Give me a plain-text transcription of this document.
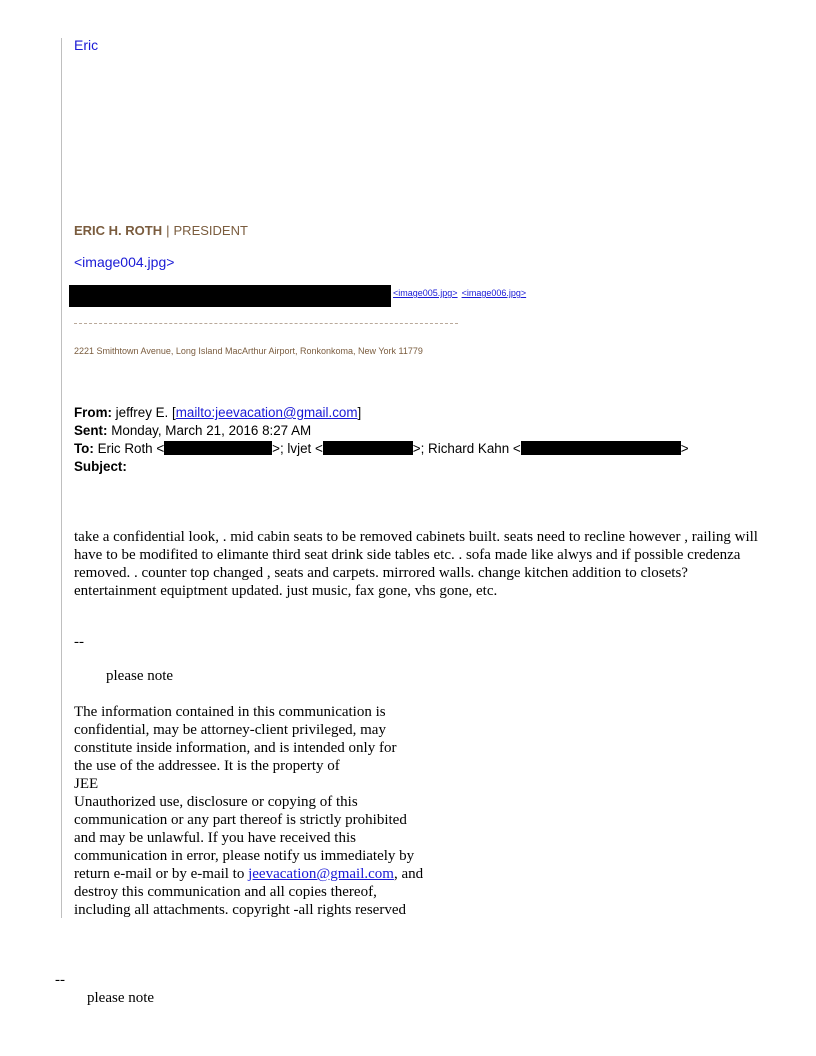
Eric
ERIC H. ROTH | PRESIDENT
<image004.jpg>
<image005.jpg> <image006.jpg>
2221 Smithtown Avenue, Long Island MacArthur Airport, Ronkonkoma, New York 11779
From: jeffrey E. [mailto:jeevacation@gmail.com]
Sent: Monday, March 21, 2016 8:27 AM
To: Eric Roth <	>; lvjet <	>; Richard Kahn <	>
Subject:
take a confidential look, . mid cabin seats to be removed cabinets built. seats need to recline however , railing will have to be modifited to elimante third seat drink side tables etc. . sofa made like alwys and if possible credenza removed. . counter top changed , seats and carpets. mirrored walls. change kitchen addition to closets? entertainment equiptment updated. just music, fax gone, vhs gone, etc.
--
please note
The information contained in this communication is
confidential, may be attorney-client privileged, may
constitute inside information, and is intended only for
the use of the addressee. It is the property of
JEE
Unauthorized use, disclosure or copying of this
communication or any part thereof is strictly prohibited
and may be unlawful. If you have received this
communication in error, please notify us immediately by
return e-mail or by e-mail to jeevacation@gmail.com, and
destroy this communication and all copies thereof,
including all attachments. copyright -all rights reserved
--
please note
